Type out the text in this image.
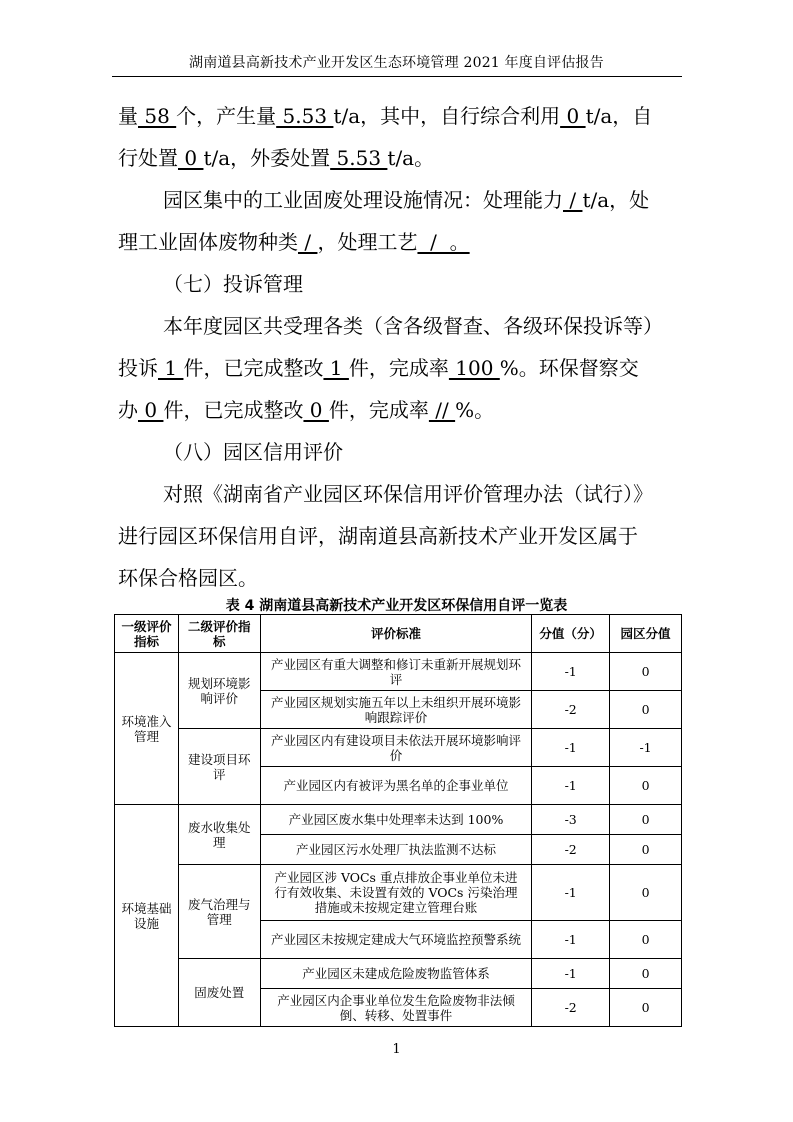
湖南道县高新技术产业开发区生态环境管理 2021 年度自评估报告
量 58 个，产生量 5.53 t/a，其中，自行综合利用 0 t/a，自
行处置 0 t/a，外委处置 5.53 t/a。
园区集中的工业固废处理设施情况：处理能力 / t/a，处
理工业固体废物种类 / ，处理工艺  /  。
（七）投诉管理
本年度园区共受理各类（含各级督查、各级环保投诉等）
投诉 1 件，已完成整改 1 件，完成率 100 %。环保督察交
办 0 件，已完成整改 0 件，完成率 // %。
（八）园区信用评价
对照《湖南省产业园区环保信用评价管理办法（试行）》
进行园区环保信用自评，湖南道县高新技术产业开发区属于
环保合格园区。
表 4 湖南道县高新技术产业开发区环保信用自评一览表
一级评价指标	二级评价指标	评价标准	分值（分）	园区分值
环境准入管理	规划环境影响评价	产业园区有重大调整和修订未重新开展规划环评	-1	0
		产业园区规划实施五年以上未组织开展环境影响跟踪评价	-2	0
	建设项目环评	产业园区内有建设项目未依法开展环境影响评价	-1	-1
		产业园区内有被评为黑名单的企事业单位	-1	0
环境基础设施	废水收集处理	产业园区废水集中处理率未达到 100%	-3	0
		产业园区污水处理厂执法监测不达标	-2	0
	废气治理与管理	产业园区涉 VOCs 重点排放企事业单位未进行有效收集、未设置有效的 VOCs 污染治理措施或未按规定建立管理台账	-1	0
		产业园区未按规定建成大气环境监控预警系统	-1	0
	固废处置	产业园区未建成危险废物监管体系	-1	0
		产业园区内企事业单位发生危险废物非法倾倒、转移、处置事件	-2	0
1
